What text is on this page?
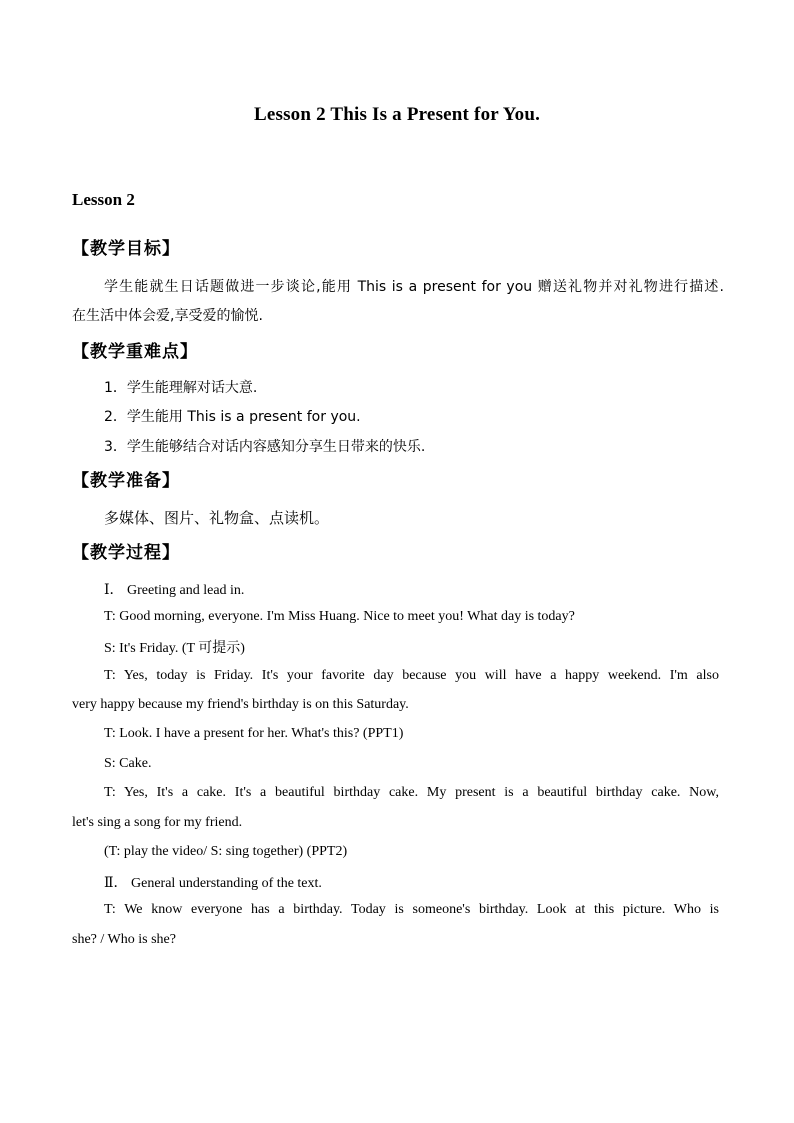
Lesson 2 This Is a Present for You.
Lesson 2
【教学目标】
学生能就生日话题做进一步谈论,能用 This is a present for you 赠送礼物并对礼物进行描述.
在生活中体会爱,享受爱的愉悦.
【教学重难点】
1．学生能理解对话大意.
2．学生能用 This is a present for you.
3．学生能够结合对话内容感知分享生日带来的快乐.
【教学准备】
多媒体、图片、礼物盒、点读机。
【教学过程】
Ⅰ． Greeting and lead in.
T: Good morning, everyone. I'm Miss Huang. Nice to meet you! What day is today?
S: It's Friday. (T 可提示)
T: Yes, today is Friday. It's your favorite day because you will have a happy weekend. I'm also
very happy because my friend's birthday is on this Saturday.
T: Look. I have a present for her. What's this? (PPT1)
S: Cake.
T: Yes, It's a cake. It's a beautiful birthday cake. My present is a beautiful birthday cake. Now,
let's sing a song for my friend.
(T: play the video/ S: sing together) (PPT2)
Ⅱ． General understanding of the text.
T: We know everyone has a birthday. Today is someone's birthday. Look at this picture. Who is
she? / Who is she?
